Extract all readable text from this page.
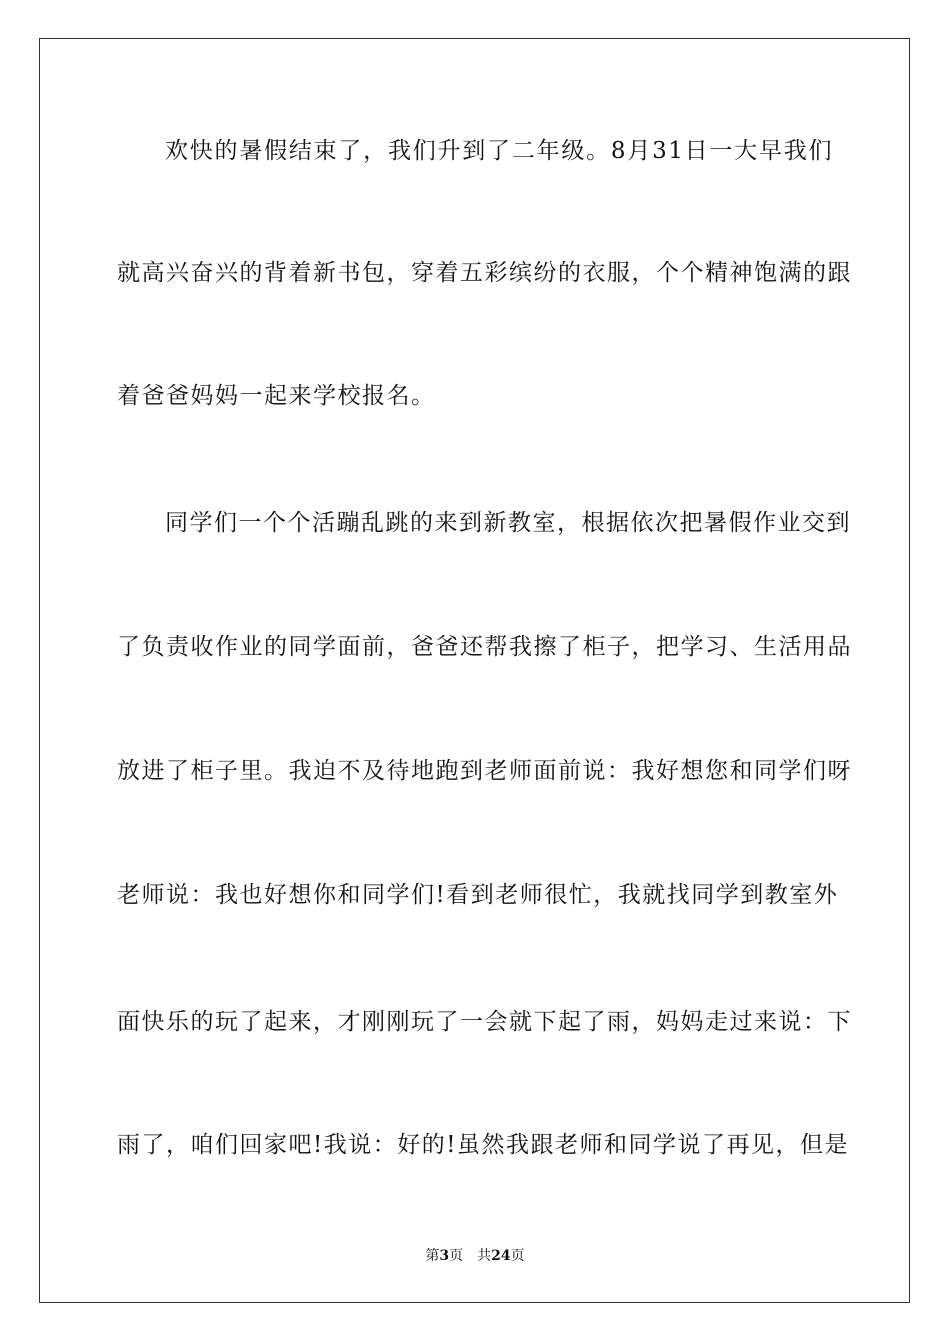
欢快的暑假结束了，我们升到了二年级。8月31日一大早我们
就高兴奋兴的背着新书包，穿着五彩缤纷的衣服，个个精神饱满的跟
着爸爸妈妈一起来学校报名。
同学们一个个活蹦乱跳的来到新教室，根据依次把暑假作业交到
了负责收作业的同学面前，爸爸还帮我擦了柜子，把学习、生活用品
放进了柜子里。我迫不及待地跑到老师面前说：我好想您和同学们呀
老师说：我也好想你和同学们!看到老师很忙，我就找同学到教室外
面快乐的玩了起来，才刚刚玩了一会就下起了雨，妈妈走过来说：下
雨了，咱们回家吧!我说：好的!虽然我跟老师和同学说了再见，但是
第3页 共24页
